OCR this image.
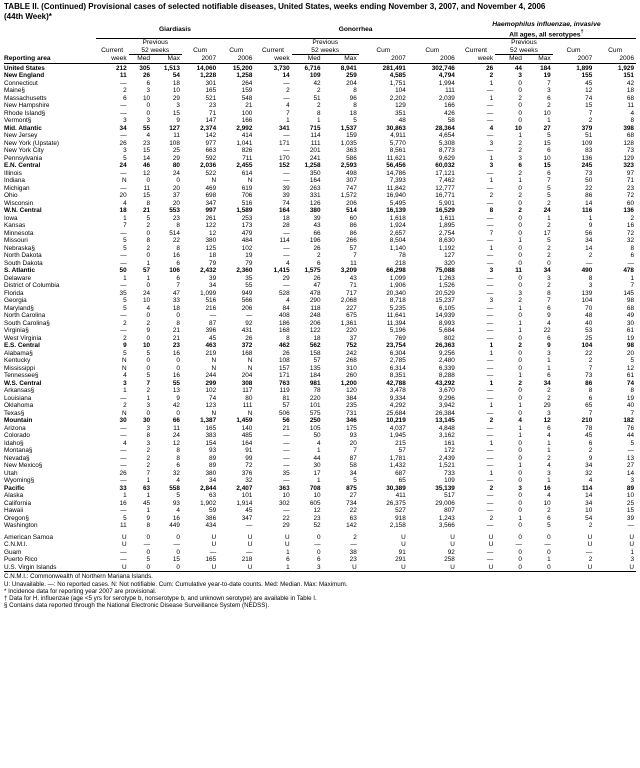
TABLE II. (Continued) Provisional cases of selected notifiable diseases, United States, weeks ending November 3, 2007, and November 4, 2006
(44th Week)*
	Giardiasis					Gonorrhea					Haemophilus influenzae, invasive
All ages, all serotypes†

		Previous					Previous					Previous			
	Current	52 weeks		Cum	Cum	Current	52 weeks		Cum	Cum	Current	52 weeks		Cum	Cum
Reporting area	week	Med	Max	2007	2006	week	Med	Max	2007	2006	week	Med	Max	2007	2006
United States	212	305	1,513	14,060	15,200	3,730	6,716	8,941	281,491	302,746	26	44	184	1,899	1,929
New England	11	26	54	1,228	1,258	14	109	259	4,585	4,794	2	3	19	155	151
Connecticut	—	6	18	301	264	—	42	204	1,751	1,994	1	0	7	45	42
Maine§	2	3	10	165	159	2	2	8	104	111	—	0	3	12	18
Massachusetts	6	10	29	521	548	—	51	96	2,202	2,039	1	2	6	74	68
New Hampshire	—	0	3	23	21	4	2	8	129	166	—	0	2	15	11
Rhode Island§	—	0	15	71	100	7	8	18	351	426	—	0	10	7	4
Vermont§	3	3	9	147	166	1	1	5	48	58	—	0	1	2	8
Mid. Atlantic	34	55	127	2,374	2,992	341	715	1,537	30,863	28,364	4	10	27	379	398
New Jersey	—	4	11	142	414	—	114	159	4,911	4,654	—	1	5	51	68
New York (Upstate)	26	23	108	977	1,041	171	111	1,035	5,770	5,308	3	2	15	109	128
New York City	3	15	25	663	826	—	201	363	8,561	8,773	—	2	6	83	73
Pennsylvania	5	14	29	592	711	170	241	586	11,621	9,629	1	3	10	136	129
E.N. Central	24	46	80	2,036	2,455	152	1,258	2,593	56,456	60,032	3	6	15	245	323
Illinois	—	12	24	522	614	—	350	498	14,786	17,121	—	2	6	73	97
Indiana	N	0	0	N	N	—	164	307	7,393	7,462	1	1	7	50	71
Michigan	—	11	20	469	619	39	263	747	11,842	12,777	—	0	5	22	23
Ohio	20	15	37	698	706	39	331	1,572	16,940	16,771	2	2	5	86	72
Wisconsin	4	8	20	347	516	74	126	206	5,495	5,901	—	0	2	14	60
W.N. Central	18	21	553	997	1,589	164	380	514	16,139	16,529	8	2	24	116	136
Iowa	1	5	23	261	253	18	39	60	1,618	1,611	—	0	1	1	2
Kansas	7	2	8	122	173	28	43	86	1,924	1,895	—	0	2	9	16
Minnesota	—	0	514	12	479	—	66	86	2,657	2,754	7	0	17	56	72
Missouri	5	8	22	380	484	114	196	266	8,504	8,630	—	1	5	34	32
Nebraska§	5	2	8	125	102	—	26	57	1,140	1,192	1	0	2	14	8
North Dakota	—	0	16	18	19	—	2	7	78	127	—	0	2	2	6
South Dakota	—	1	6	79	79	4	6	11	218	320	—	0	0	—	—
S. Atlantic	50	57	106	2,432	2,360	1,415	1,575	3,209	66,298	75,088	3	11	34	490	478
Delaware	1	1	6	39	35	29	26	43	1,099	1,263	—	0	3	8	1
District of Columbia	—	0	7	34	55	—	47	71	1,906	1,526	—	0	2	3	7
Florida	35	24	47	1,099	949	528	478	717	20,340	20,529	—	3	8	139	145
Georgia	5	10	33	516	566	4	290	2,068	8,718	15,237	3	2	7	104	98
Maryland§	5	4	18	216	206	84	118	227	5,235	6,105	—	1	6	70	68
North Carolina	—	0	0	—	—	408	248	675	11,641	14,939	—	0	9	48	49
South Carolina§	2	2	8	87	92	186	206	1,361	11,394	8,993	—	1	4	40	30
Virginia§	—	9	21	396	431	168	122	220	5,196	5,684	—	1	22	53	61
West Virginia	2	0	21	45	26	8	18	37	769	802	—	0	6	25	19
E.S. Central	9	10	23	463	372	462	562	752	23,754	26,363	1	2	9	104	98
Alabama§	5	5	16	219	168	26	158	242	6,304	9,256	1	0	3	22	20
Kentucky	N	0	0	N	N	108	57	268	2,785	2,480	—	0	1	2	5
Mississippi	N	0	0	N	N	157	135	310	6,314	6,339	—	0	1	7	12
Tennessee§	4	5	16	244	204	171	184	260	8,351	8,288	—	1	6	73	61
W.S. Central	3	7	55	299	308	763	981	1,200	42,788	43,292	1	2	34	86	74
Arkansas§	1	2	13	102	117	119	78	120	3,478	3,670	—	0	2	8	8
Louisiana	—	1	9	74	80	81	220	384	9,334	9,296	—	0	2	6	19
Oklahoma	2	3	42	123	111	57	101	235	4,292	3,942	1	1	29	65	40
Texas§	N	0	0	N	N	506	575	731	25,684	26,384	—	0	3	7	7
Mountain	30	30	66	1,387	1,459	56	250	346	10,219	13,145	2	4	12	210	182
Arizona	—	3	11	165	140	21	105	175	4,037	4,848	—	1	6	78	76
Colorado	—	8	24	383	485	—	50	93	1,945	3,162	—	1	4	45	44
Idaho§	4	3	12	154	164	—	4	20	215	161	1	0	1	6	5
Montana§	—	2	8	93	91	—	1	7	57	172	—	0	1	2	—
Nevada§	—	2	8	89	99	—	44	87	1,781	2,439	—	0	2	9	13
New Mexico§	—	2	6	89	72	—	30	58	1,432	1,521	—	1	4	34	27
Utah	26	7	32	380	376	35	17	34	687	733	1	0	3	32	14
Wyoming§	—	1	4	34	32	—	1	5	65	109	—	0	1	4	3
Pacific	33	63	558	2,844	2,407	363	708	875	30,389	35,139	2	3	16	114	89
Alaska	1	1	5	63	101	10	10	27	411	517	—	0	4	14	10
California	16	45	93	1,902	1,914	302	605	734	26,375	29,006	—	0	10	34	25
Hawaii	—	1	4	59	45	—	12	22	527	807	—	0	2	10	15
Oregon§	5	9	16	386	347	22	23	63	918	1,243	2	1	6	54	39
Washington	11	8	449	434	—	29	52	142	2,158	3,566	—	0	5	2	—

American Samoa	U	0	0	U	U	U	0	2	U	U	U	0	0	U	U
C.N.M.I.	U	—	—	U	U	U	—	—	U	U	U	—	—	U	U
Guam	—	0	0	—	—	1	0	38	91	92	—	0	0	—	1
Puerto Rico	—	5	15	165	218	6	6	23	291	258	—	0	1	2	3
U.S. Virgin Islands	U	0	0	U	U	1	3	U	U	U	U	0	0	U	U
C.N.M.I.: Commonwealth of Northern Mariana Islands.
U: Unavailable. —: No reported cases. N: Not notifiable. Cum: Cumulative year-to-date counts. Med: Median. Max: Maximum.
* Incidence data for reporting year 2007 are provisional.
† Data for H. influenzae (age <5 yrs for serotype b, nonserotype b, and unknown serotype) are available in Table I.
§ Contains data reported through the National Electronic Disease Surveillance System (NEDSS).
